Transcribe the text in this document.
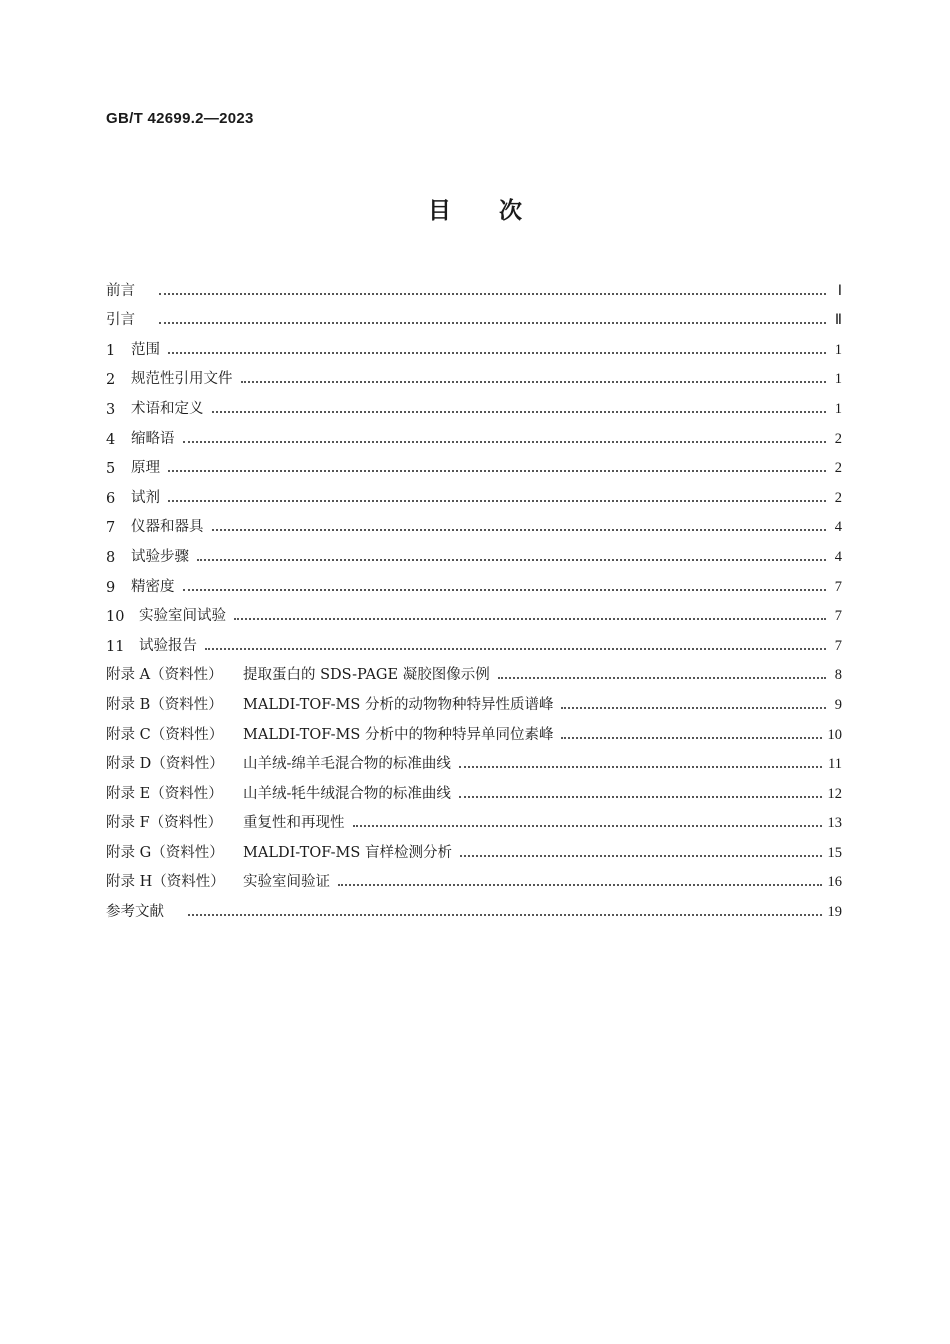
GB/T 42699.2—2023
目 次
前言	Ⅰ
引言	Ⅱ
1	范围	1
2	规范性引用文件	1
3	术语和定义	1
4	缩略语	2
5	原理	2
6	试剂	2
7	仪器和器具	4
8	试验步骤	4
9	精密度	7
10	实验室间试验	7
11	试验报告	7
附录 A（资料性）	提取蛋白的 SDS-PAGE 凝胶图像示例	8
附录 B（资料性）	MALDI-TOF-MS 分析的动物物种特异性质谱峰	9
附录 C（资料性）	MALDI-TOF-MS 分析中的物种特异单同位素峰	10
附录 D（资料性）	山羊绒-绵羊毛混合物的标准曲线	11
附录 E（资料性）	山羊绒-牦牛绒混合物的标准曲线	12
附录 F（资料性）	重复性和再现性	13
附录 G（资料性）	MALDI-TOF-MS 盲样检测分析	15
附录 H（资料性）	实验室间验证	16
参考文献	19
